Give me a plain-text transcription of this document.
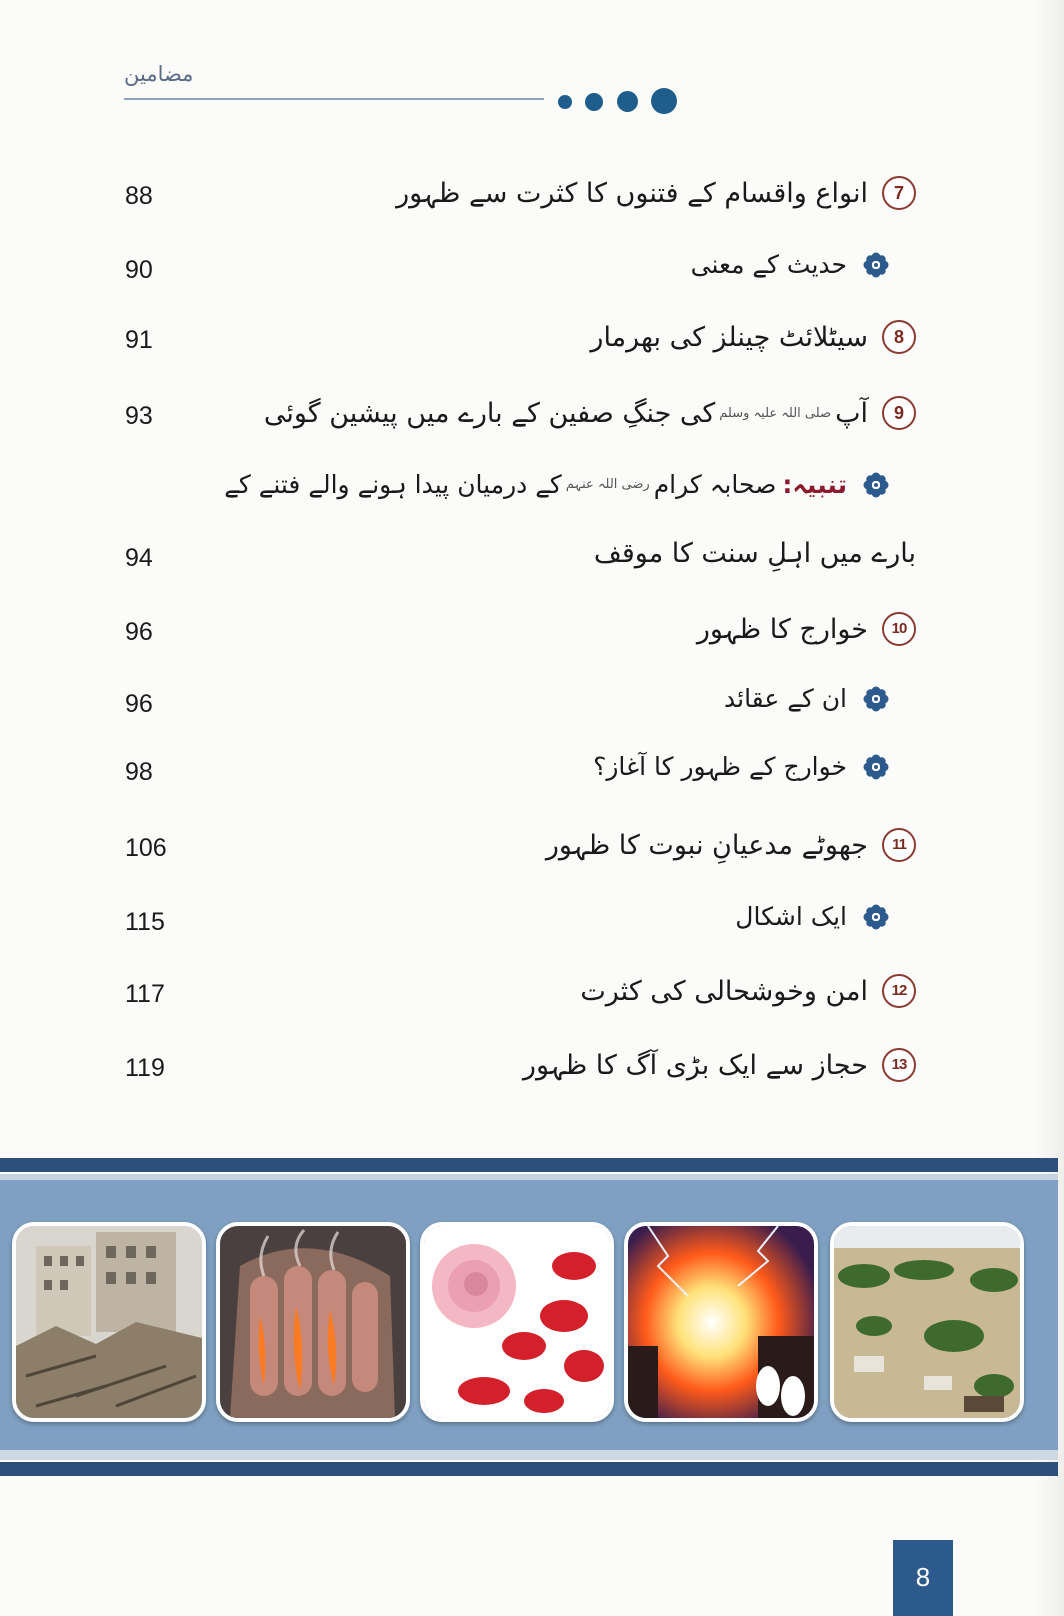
مضامین
7
انواع واقسام کے فتنوں کا کثرت سے ظہور
88
حدیث کے معنی
90
8
سیٹلائٹ چینلز کی بھرمار
91
9
آپ
صلی اللہ علیہ وسلم
کی جنگِ صفین کے بارے میں پیشین گوئی
93
تنبیہ:
صحابہ کرام
رضی اللہ عنہم
کے درمیان پیدا ہونے والے فتنے کے
بارے میں اہلِ سنت کا موقف
94
10
خوارج کا ظہور
96
ان کے عقائد
96
خوارج کے ظہور کا آغاز؟
98
11
جھوٹے مدعیانِ نبوت کا ظہور
106
ایک اشکال
115
12
امن وخوشحالی کی کثرت
117
13
حجاز سے ایک بڑی آگ کا ظہور
119
8
